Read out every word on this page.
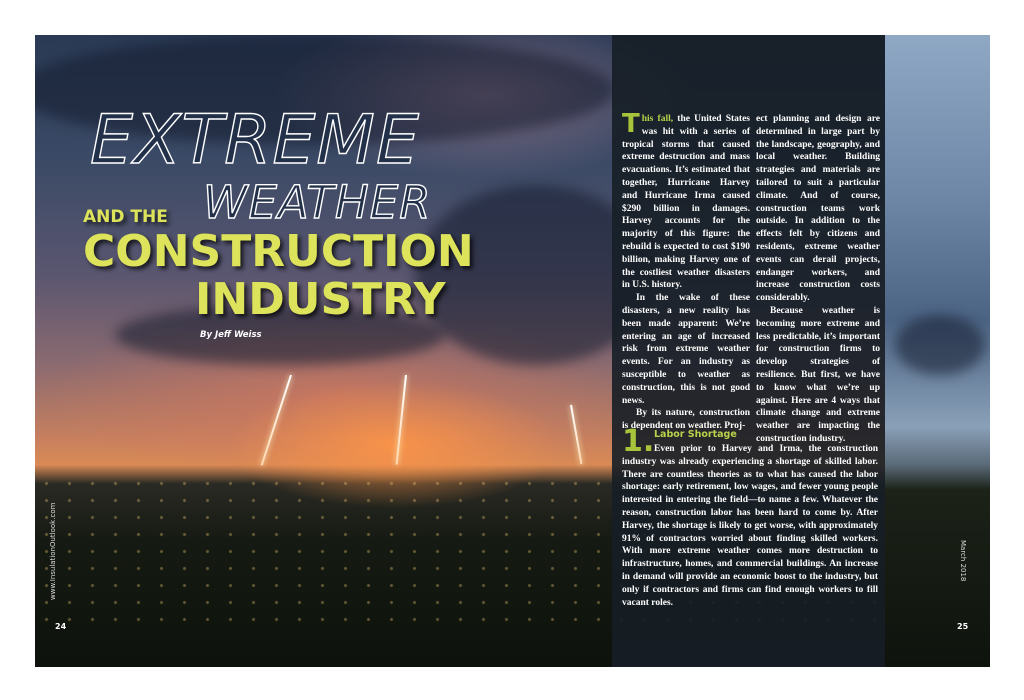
EXTREME
WEATHER
AND THE
CONSTRUCTION
INDUSTRY
By Jeff Weiss

This fall, the United States was hit with a series of tropical storms that caused extreme destruction and mass evacuations. It’s estimated that together, Hurricane Harvey and Hurricane Irma caused $290 billion in damages. Harvey accounts for the majority of this figure: the rebuild is expected to cost $190 billion, making Harvey one of the costliest weather disasters in U.S. history.

In the wake of these disasters, a new reality has been made apparent: We’re entering an age of increased risk from extreme weather events. For an industry as susceptible to weather as construction, this is not good news.

By its nature, construction is dependent on weather. Proj-

ect planning and design are determined in large part by the landscape, geography, and local weather. Building strategies and materials are tailored to suit a particular climate. And of course, construction teams work outside. In addition to the effects felt by citizens and residents, extreme weather events can derail projects, endanger workers, and increase construction costs considerably.

Because weather is becoming more extreme and less predictable, it’s important for construction firms to develop strategies of resilience. But first, we have to know what we’re up against. Here are 4 ways that climate change and extreme weather are impacting the construction industry.

1. Labor Shortage
Even prior to Harvey and Irma, the construction industry was already experiencing a shortage of skilled labor. There are countless theories as to what has caused the labor shortage: early retirement, low wages, and fewer young people interested in entering the field—to name a few. Whatever the reason, construction labor has been hard to come by. After Harvey, the shortage is likely to get worse, with approximately 91% of contractors worried about finding skilled workers. With more extreme weather comes more destruction to infrastructure, homes, and commercial buildings. An increase in demand will provide an economic boost to the industry, but only if contractors and firms can find enough workers to fill vacant roles.
www.InsulationOutlook.com
24
March 2018
25
